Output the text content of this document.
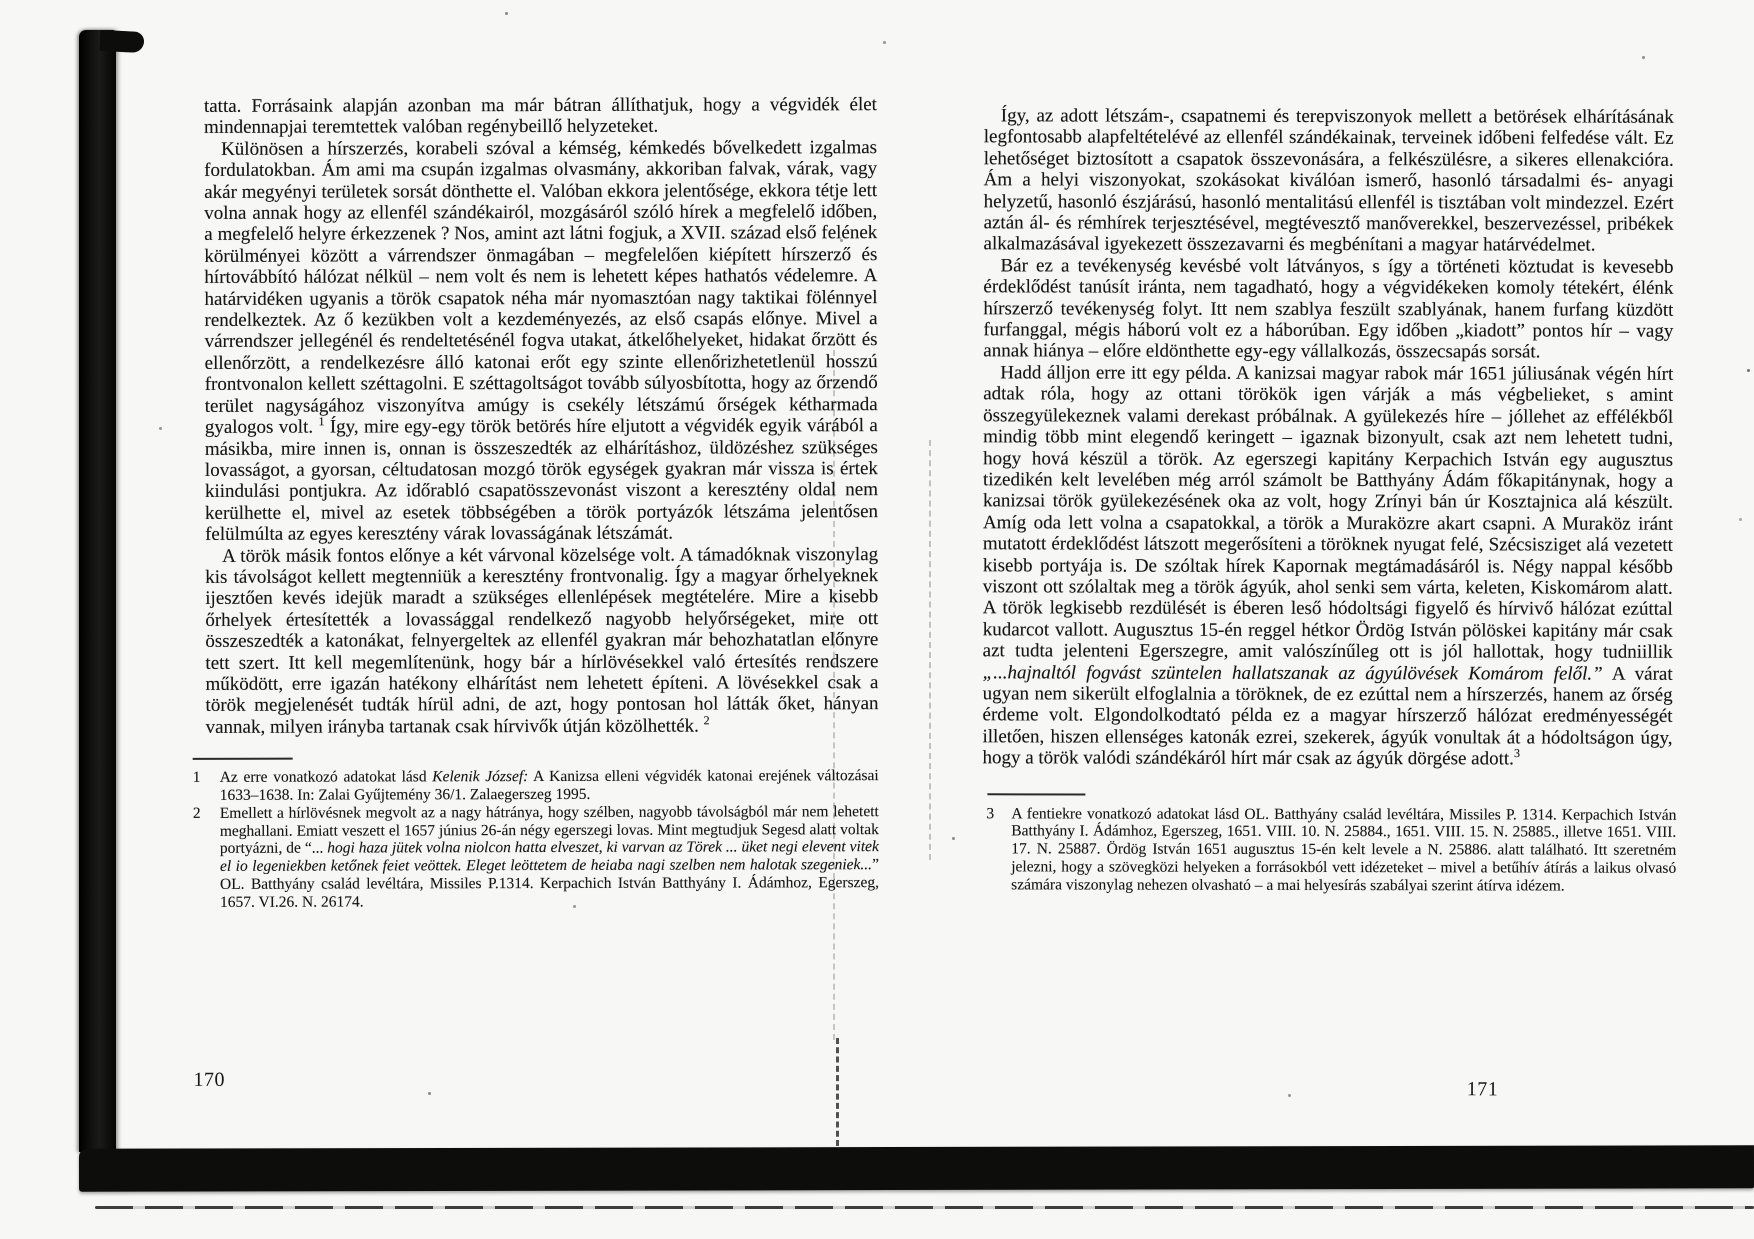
tatta. Forrásaink alapján azonban ma már bátran állíthatjuk, hogy a végvidék élet mindennapjai teremtettek valóban regénybeillő helyzeteket.

Különösen a hírszerzés, korabeli szóval a kémség, kémkedés bővelkedett izgalmas fordulatokban. Ám ami ma csupán izgalmas olvasmány, akkoriban falvak, várak, vagy akár megyényi területek sorsát dönthette el. Valóban ekkora jelentősége, ekkora tétje lett volna annak hogy az ellenfél szándékairól, mozgásáról szóló hírek a megfelelő időben, a megfelelő helyre érkezzenek ? Nos, amint azt látni fogjuk, a XVII. század első felének körülményei között a várrendszer önmagában – megfelelően kiépített hírszerző és hírtovábbító hálózat nélkül – nem volt és nem is lehetett képes hathatós védelemre. A határvidéken ugyanis a török csapatok néha már nyomasztóan nagy taktikai fölénnyel rendelkeztek. Az ő kezükben volt a kezdeményezés, az első csapás előnye. Mivel a várrendszer jellegénél és rendeltetésénél fogva utakat, átkelőhelyeket, hidakat őrzött és ellenőrzött, a rendelkezésre álló katonai erőt egy szinte ellenőrizhetetlenül hosszú frontvonalon kellett széttagolni. E széttagoltságot tovább súlyosbította, hogy az őrzendő terület nagyságához viszonyítva amúgy is csekély létszámú őrségek kétharmada gyalogos volt. $^1$ Így, mire egy-egy török betörés híre eljutott a végvidék egyik várából a másikba, mire innen is, onnan is összeszedték az elhárításhoz, üldözéshez szükséges lovasságot, a gyorsan, céltudatosan mozgó török egységek gyakran már vissza is értek kiindulási pontjukra. Az időrabló csapatösszevonást viszont a keresztény oldal nem kerülhette el, mivel az esetek többségében a török portyázók létszáma jelentősen felülmúlta az egyes keresztény várak lovasságának létszámát.

A török másik fontos előnye a két várvonal közelsége volt. A támadóknak viszonylag kis távolságot kellett megtenniük a keresztény frontvonalig. Így a magyar őrhelyeknek ijesztően kevés idejük maradt a szükséges ellenlépések megtételére. Mire a kisebb őrhelyek értesítették a lovassággal rendelkező nagyobb helyőrségeket, mire ott összeszedték a katonákat, felnyergeltek az ellenfél gyakran már behozhatatlan előnyre tett szert. Itt kell megemlítenünk, hogy bár a hírlövésekkel való értesítés rendszere működött, erre igazán hatékony elhárítást nem lehetett építeni. A lövésekkel csak a török megjelenését tudták hírül adni, de azt, hogy pontosan hol látták őket, hányan vannak, milyen irányba tartanak csak hírvivők útján közölhették. $^2$

1	Az erre vonatkozó adatokat lásd Kelenik József: A Kanizsa elleni végvidék katonai erejének változásai 1633–1638. In: Zalai Gyűjtemény 36/1. Zalaegerszeg 1995.
2	Emellett a hírlövésnek megvolt az a nagy hátránya, hogy szélben, nagyobb távolságból már nem lehetett meghallani. Emiatt veszett el 1657 június 26-án négy egerszegi lovas. Mint megtudjuk Segesd alatt voltak portyázni, de “... hogi haza jütek volna niolcon hatta elveszet, ki varvan az Törek ... üket negi elevent vitek el io legeniekben ketőnek feiet veöttek. Eleget leöttetem de heiaba nagi szelben nem halotak szegeniek...” OL. Batthyány család levéltára, Missiles P.1314. Kerpachich István Batthyány I. Ádámhoz, Egerszeg, 1657. VI.26. N. 26174.
170

Így, az adott létszám-, csapatnemi és terepviszonyok mellett a betörések elhárításának legfontosabb alapfeltételévé az ellenfél szándékainak, terveinek időbeni felfedése vált. Ez lehetőséget biztosított a csapatok összevonására, a felkészülésre, a sikeres ellenakcióra. Ám a helyi viszonyokat, szokásokat kiválóan ismerő, hasonló társadalmi és- anyagi helyzetű, hasonló észjárású, hasonló mentalitású ellenfél is tisztában volt mindezzel. Ezért aztán ál- és rémhírek terjesztésével, megtévesztő manőverekkel, beszervezéssel, pribékek alkalmazásával igyekezett összezavarni és megbénítani a magyar határvédelmet.

Bár ez a tevékenység kevésbé volt látványos, s így a történeti köztudat is kevesebb érdeklődést tanúsít iránta, nem tagadható, hogy a végvidékeken komoly tétekért, élénk hírszerző tevékenység folyt. Itt nem szablya feszült szablyának, hanem furfang küzdött furfanggal, mégis háború volt ez a háborúban. Egy időben „kiadott” pontos hír – vagy annak hiánya – előre eldönthette egy-egy vállalkozás, összecsapás sorsát.

Hadd álljon erre itt egy példa. A kanizsai magyar rabok már 1651 júliusának végén hírt adtak róla, hogy az ottani törökök igen várják a más végbelieket, s amint összegyülekeznek valami derekast próbálnak. A gyülekezés híre – jóllehet az effélékből mindig több mint elegendő keringett – igaznak bizonyult, csak azt nem lehetett tudni, hogy hová készül a török. Az egerszegi kapitány Kerpachich István egy augusztus tizedikén kelt levelében még arról számolt be Batthyány Ádám főkapitánynak, hogy a kanizsai török gyülekezésének oka az volt, hogy Zrínyi bán úr Kosztajnica alá készült. Amíg oda lett volna a csapatokkal, a török a Muraközre akart csapni. A Muraköz iránt mutatott érdeklődést látszott megerősíteni a töröknek nyugat felé, Szécsisziget alá vezetett kisebb portyája is. De szóltak hírek Kapornak megtámadásáról is. Négy nappal később viszont ott szólaltak meg a török ágyúk, ahol senki sem várta, keleten, Kiskomárom alatt. A török legkisebb rezdülését is éberen leső hódoltsági figyelő és hírvivő hálózat ezúttal kudarcot vallott. Augusztus 15-én reggel hétkor Ördög István pölöskei kapitány már csak azt tudta jelenteni Egerszegre, amit valószínűleg ott is jól hallottak, hogy tudniillik „...hajnaltól fogvást szüntelen hallatszanak az ágyúlövések Komárom felől.” A várat ugyan nem sikerült elfoglalnia a töröknek, de ez ezúttal nem a hírszerzés, hanem az őrség érdeme volt. Elgondolkodtató példa ez a magyar hírszerző hálózat eredményességét illetően, hiszen ellenséges katonák ezrei, szekerek, ágyúk vonultak át a hódoltságon úgy, hogy a török valódi szándékáról hírt már csak az ágyúk dörgése adott.$^3$

3	A fentiekre vonatkozó adatokat lásd OL. Batthyány család levéltára, Missiles P. 1314. Kerpachich István Batthyány I. Ádámhoz, Egerszeg, 1651. VIII. 10. N. 25884., 1651. VIII. 15. N. 25885., illetve 1651. VIII. 17. N. 25887. Ördög István 1651 augusztus 15-én kelt levele a N. 25886. alatt található. Itt szeretném jelezni, hogy a szövegközi helyeken a forrásokból vett idézeteket – mivel a betűhív átírás a laikus olvasó számára viszonylag nehezen olvasható – a mai helyesírás szabályai szerint átírva idézem.
171
